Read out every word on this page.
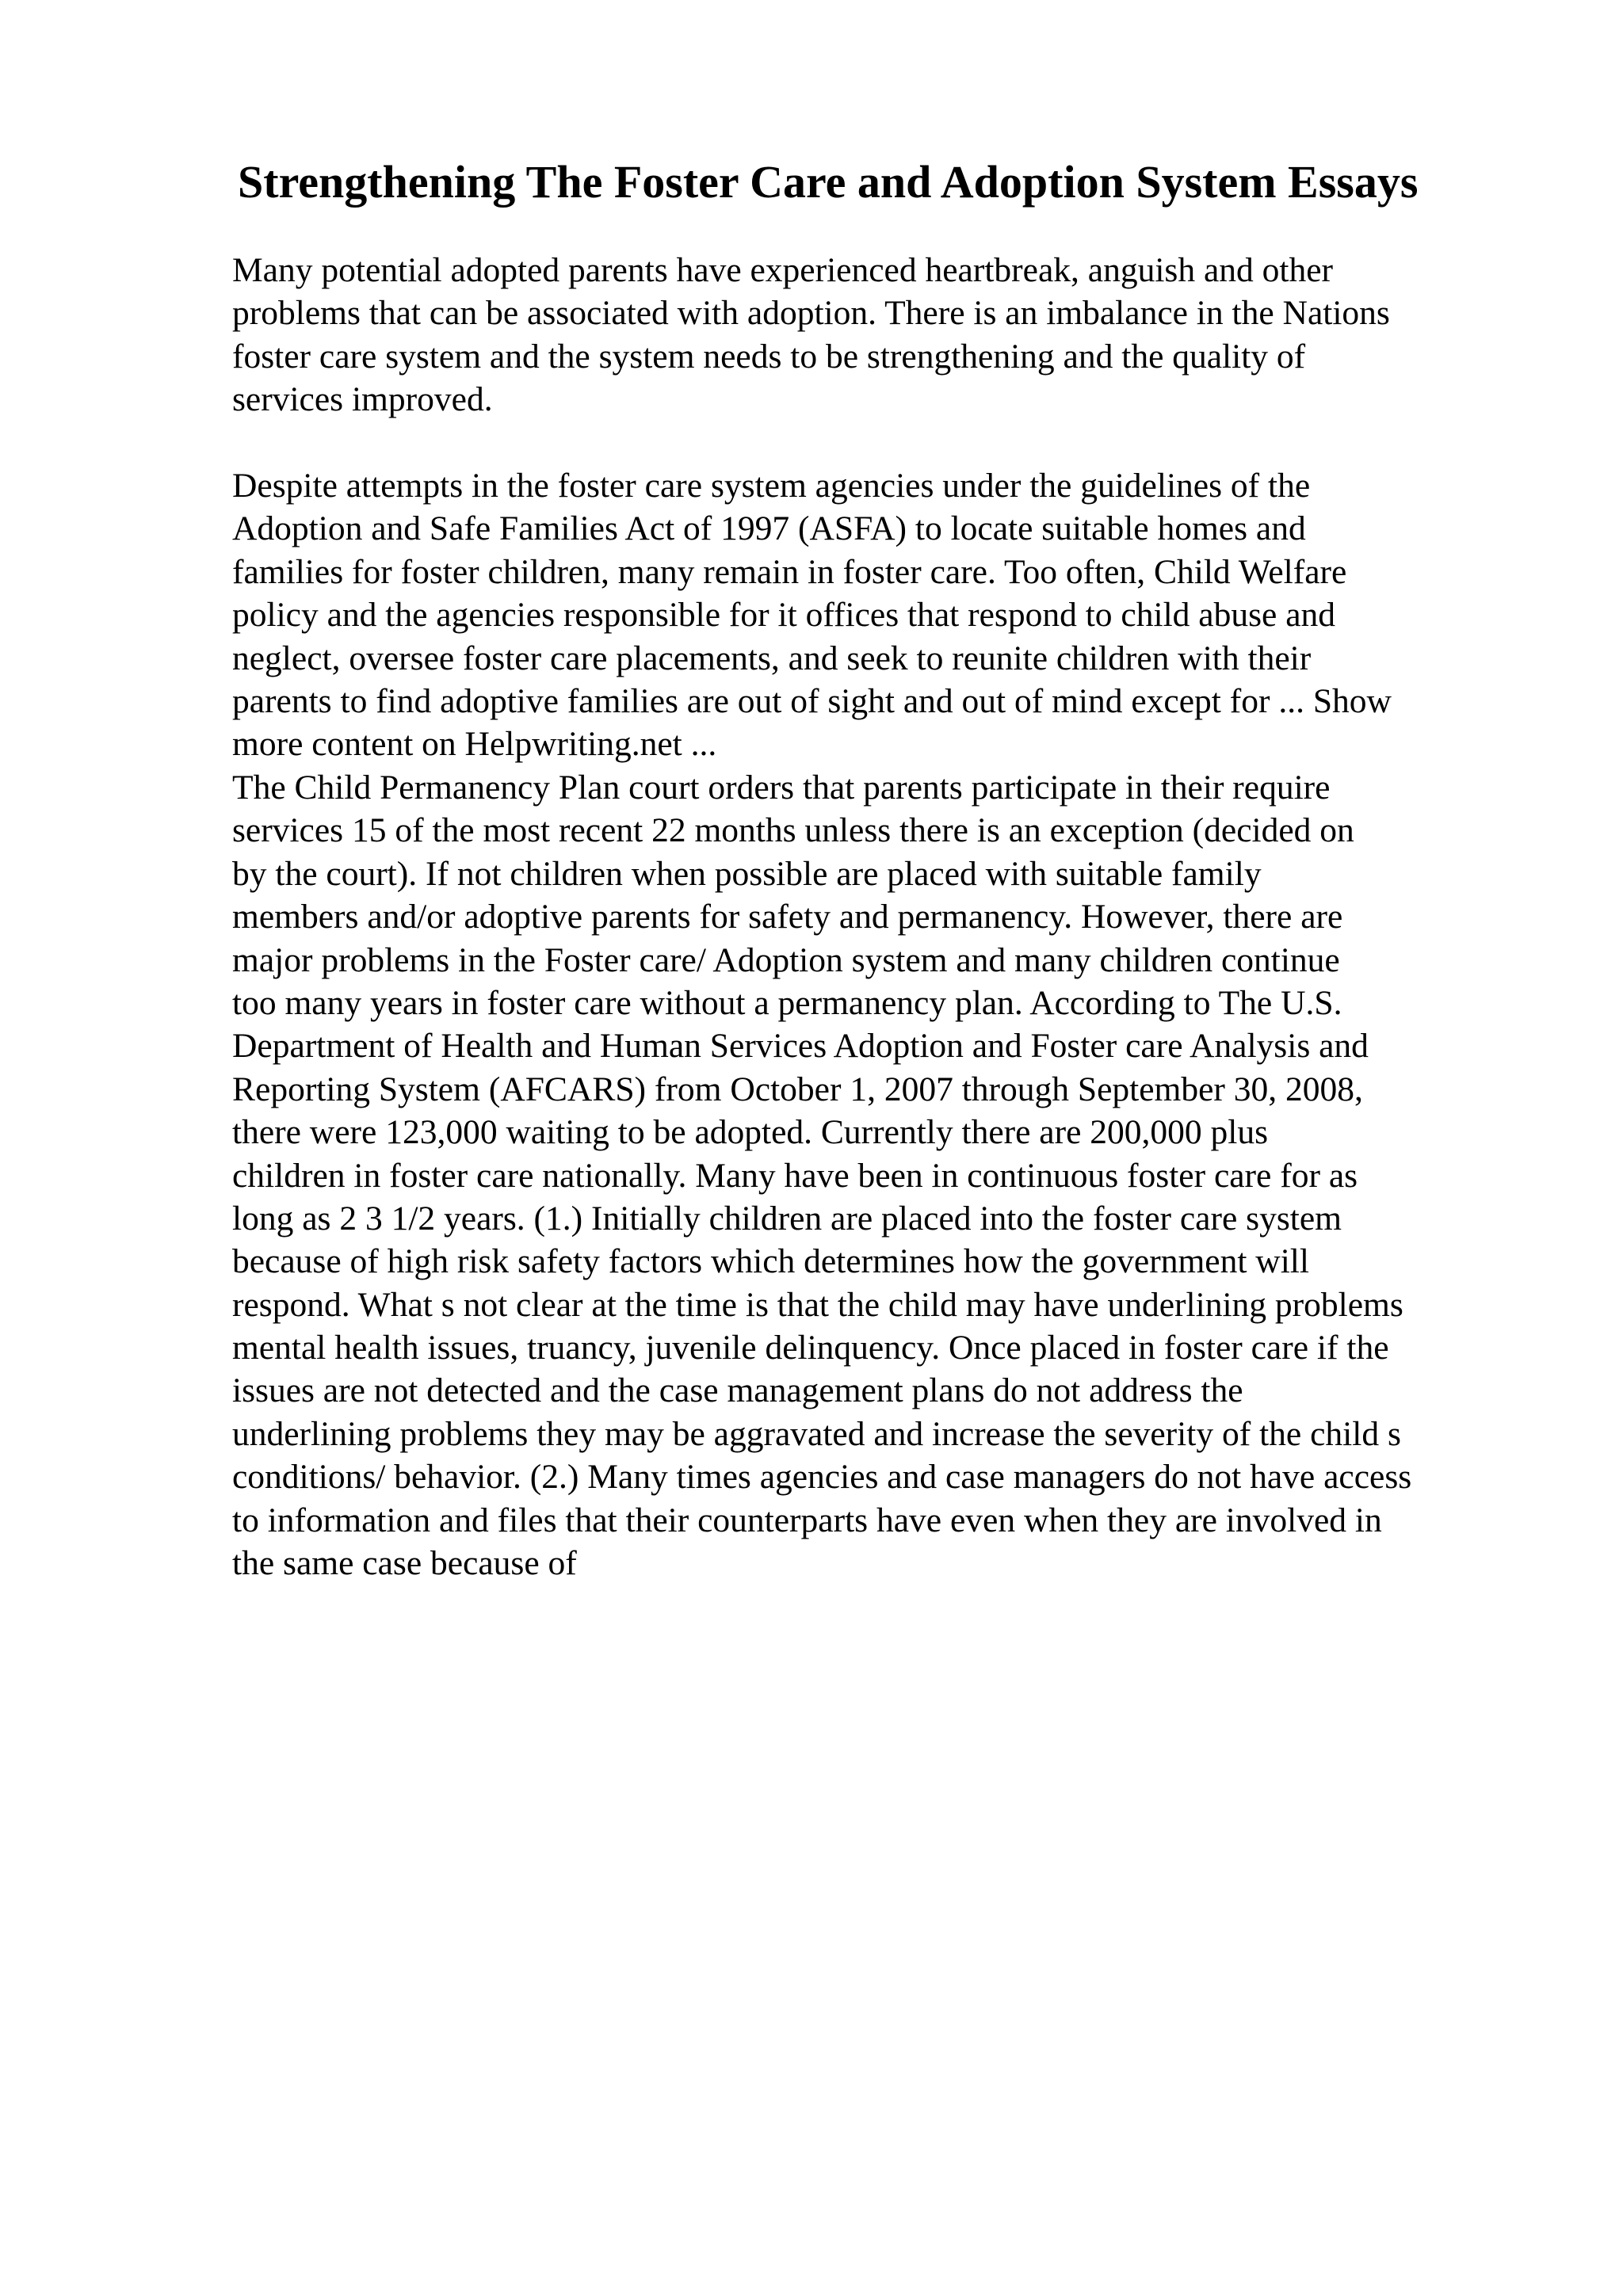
Strengthening The Foster Care and Adoption System Essays
Many potential adopted parents have experienced heartbreak, anguish and other
problems that can be associated with adoption. There is an imbalance in the Nations
foster care system and the system needs to be strengthening and the quality of
services improved.
Despite attempts in the foster care system agencies under the guidelines of the
Adoption and Safe Families Act of 1997 (ASFA) to locate suitable homes and
families for foster children, many remain in foster care. Too often, Child Welfare
policy and the agencies responsible for it offices that respond to child abuse and
neglect, oversee foster care placements, and seek to reunite children with their
parents to find adoptive families are out of sight and out of mind except for ... Show
more content on Helpwriting.net ...
The Child Permanency Plan court orders that parents participate in their require
services 15 of the most recent 22 months unless there is an exception (decided on
by the court). If not children when possible are placed with suitable family
members and/or adoptive parents for safety and permanency. However, there are
major problems in the Foster care/ Adoption system and many children continue
too many years in foster care without a permanency plan. According to The U.S.
Department of Health and Human Services Adoption and Foster care Analysis and
Reporting System (AFCARS) from October 1, 2007 through September 30, 2008,
there were 123,000 waiting to be adopted. Currently there are 200,000 plus
children in foster care nationally. Many have been in continuous foster care for as
long as 2 3 1/2 years. (1.) Initially children are placed into the foster care system
because of high risk safety factors which determines how the government will
respond. What s not clear at the time is that the child may have underlining problems
mental health issues, truancy, juvenile delinquency. Once placed in foster care if the
issues are not detected and the case management plans do not address the
underlining problems they may be aggravated and increase the severity of the child s
conditions/ behavior. (2.) Many times agencies and case managers do not have access
to information and files that their counterparts have even when they are involved in
the same case because of
